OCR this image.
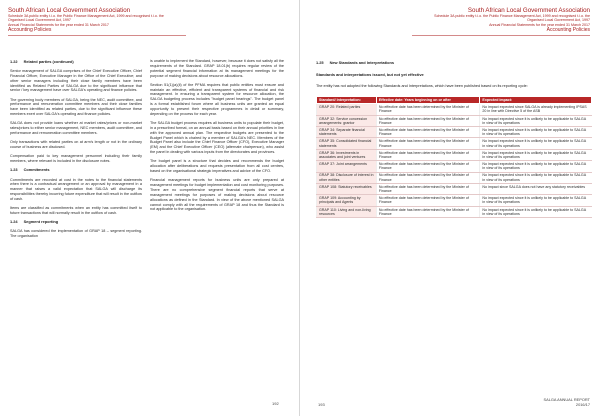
South African Local Government Association
Schedule 3A public entity t.i.o. the Public Finance Management Act, 1999 and recognised t.i.o. the
Organised Local Government Act, 1997
Annual Financial Statements for the year ended 31 March 2017
Accounting Policies
1.22 Related parties (continued)

Senior management of SALGA comprises of the Chief Executive Officer, Chief Financial Officer, Executive Manager in the Office of the Chief Executive; and other senior managers including their close family members have been identified as Related Parties of SALGA due to the significant influence that senior / key management have over SALGA's operating and finance policies.

The governing body members of SALGA, being the NEC, audit committee, and performance and remuneration committee members and their close families have been identified as related parties, due to the significant influence these members exert over SALGA's operating and finance policies.

SALGA does not provide loans whether at market rates/prices or non-market rates/prices to either senior management, NEC members, audit committee, and performance and remuneration committee members.

Only transactions with related parties on at arm's length or not in the ordinary course of business are disclosed.

Compensation paid to key management personnel including their family members, where relevant is included in the disclosure notes.

1.23 Commitments

Commitments are recorded at cost in the notes to the financial statements when there is a contractual arrangement or an approval by management in a manner that raises a valid expectation that SALGA will discharge its responsibilities thereby incurring future expenditure that will result in the outflow of cash.

Items are classified as commitments when an entity has committed itself to future transactions that will normally result in the outflow of cash.

1.24 Segment reporting

SALGA has considered the implementation of GRAP 18 – segment reporting. The organisation

is unable to implement the Standard, however, because it does not satisfy all the requirements of the Standard. GRAP 18.01(b) requires regular review of the potential segment financial information at its management meetings for the purpose of making decisions about resource allocations.

Section 51(1)(a)(ii) of the PFMA requires that public entities must ensure and maintain an effective, efficient and transparent systems of financial and risk management. In ensuring a transparent system for resource allocation, the SALGA budgeting process includes "budget panel hearings". The budget panel is a formal established forum where all business units are granted an equal opportunity to present their respective programmes in detail or summary, depending on the process for each year.

The SALGA budget process requires all business units to populate their budget, in a prescribed format, on an annual basis based on their annual priorities in line with the approved annual plan. The respective budgets are presented to the Budget Panel which is chaired by a member of SALGA's NEC. Members of the Budget Panel also include the Chief Finance Officer (CFO), Executive Manager (EM) and the Chief Executive Officer (CEO) (alternate chairperson), who assist the panel in dealing with various inputs from the directorates and provinces.

The budget panel is a structure that decides and recommends the budget allocation after deliberations and requests presentation from all cost centres, based on the organisational strategic imperatives and advice of the CFO.

Financial management reports for business units are only prepared at management meetings for budget implementation and cost monitoring purposes. There are no comprehensive segment financial reports that serve at management meetings for purposes of making decisions about resource allocations as defined in the Standard. In view of the above mentioned SALGA cannot comply with all the requirements of GRAP 18 and thus the Standard is not applicable to the organisation.

192
South African Local Government Association
Schedule 3A public entity t.i.o. the Public Finance Management Act, 1999 and recognised t.i.o. the
Organised Local Government Act, 1997
Annual Financial Statements for the year ended 31 March 2017
Accounting Policies
1.25 New Standards and Interpretations
Standards and interpretations issued, but not yet effective
The entity has not adopted the following Standards and Interpretations, which have been published based on its reporting cycle:
Standard/ Interpretation:	Effective date: Years beginning on or after	Expected impact:
GRAP 20: Related parties	No effective date has been determined by the Minister of Finance	No impact expected since SALGA is already implementing IPSAS 20 in line with Directive 5 of the ASB
GRAP 32: Service concession arrangements: grantor	No effective date has been determined by the Minister of Finance	No impact expected since it is unlikely to be applicable to SALGA in view of its operations
GRAP 34: Separate financial statements	No effective date has been determined by the Minister of Finance	No impact expected since it is unlikely to be applicable to SALGA in view of its operations
GRAP 35: Consolidated financial statements	No effective date has been determined by the Minister of Finance	No impact expected since it is unlikely to be applicable to SALGA in view of its operations
GRAP 36: Investments in associates and joint ventures	No effective date has been determined by the Minister of Finance	No impact expected since it is unlikely to be applicable to SALGA in view of its operations
GRAP 37: Joint arrangements	No effective date has been determined by the Minister of Finance	No impact expected since it is unlikely to be applicable to SALGA in view of its operations
GRAP 38: Disclosure of interest in other entities	No effective date has been determined by the Minister of Finance	No impact expected since it is unlikely to be applicable to SALGA in view of its operations
GRAP 108: Statutory receivables	No effective date has been determined by the Minister of Finance	No impact since SALGA does not have any statutory receivables
GRAP 109: Accounting by principals and Agents	No effective date has been determined by the Minister of Finance	No impact expected since it is unlikely to be applicable to SALGA in view of its operations
GRAP 110: Living and non-living resources	No effective date has been determined by the Minister of Finance	No impact expected since it is unlikely to be applicable to SALGA in view of its operations
193
SALGA ANNUAL REPORT
2016/17
